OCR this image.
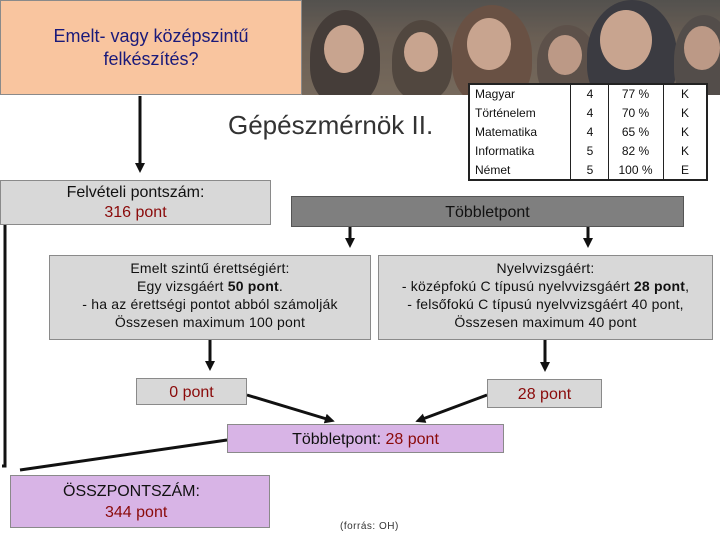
Emelt- vagy középszintű
felkészítés?
Gépészmérnök II.
Magyar	4	77 %	K
Történelem	4	70 %	K
Matematika	4	65 %	K
Informatika	5	82 %	K
Német	5	100 %	E
Felvételi pontszám:
316 pont	Többletpont
Emelt szintű érettségiért:
Egy vizsgáért 50 pont.
- ha az érettségi pontot abból számolják
Összesen maximum 100 pont
Nyelvvizsgáért:
- középfokú C típusú nyelvvizsgáért 28 pont,
- felsőfokú C típusú nyelvvizsgáért 40 pont,
Összesen maximum 40 pont
0 pont	28 pont
Többletpont: 28 pont
ÖSSZPONTSZÁM:
344 pont
(forrás: OH)
